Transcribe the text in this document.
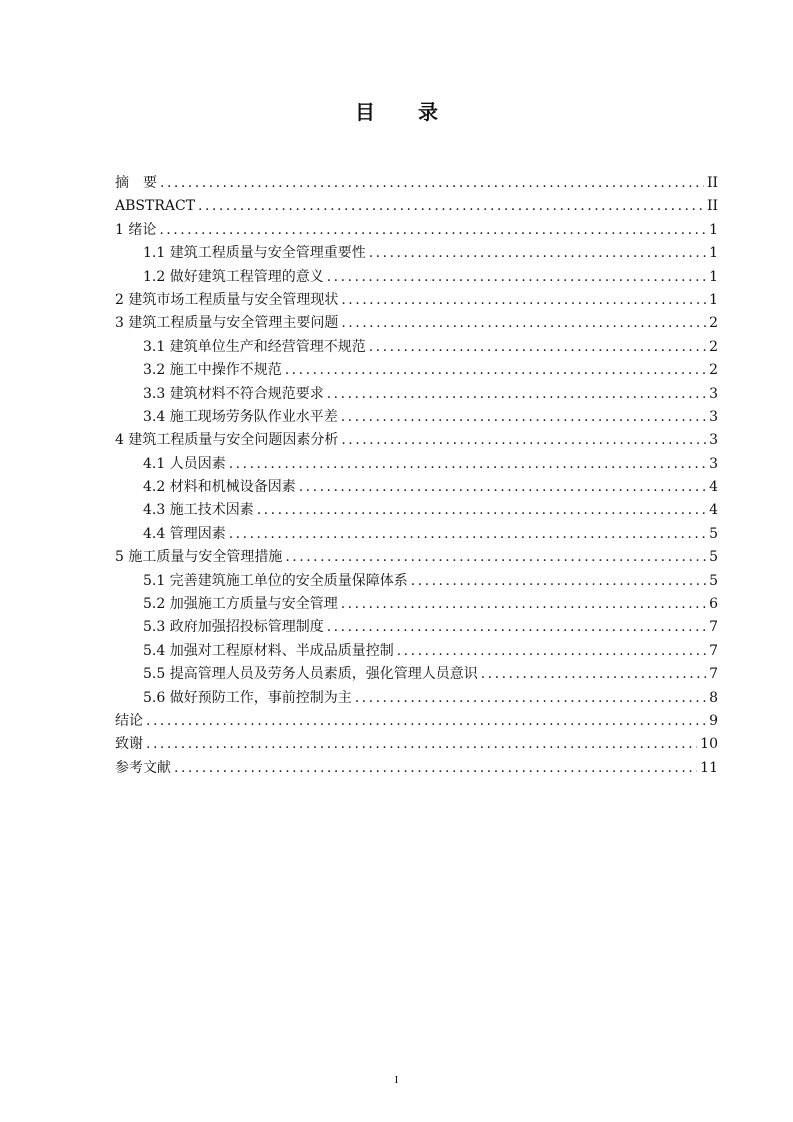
目 录
摘　要 .....	II
ABSTRACT .....	II
1 绪论 .....	1
1.1 建筑工程质量与安全管理重要性 .....	1
1.2 做好建筑工程管理的意义 .....	1
2 建筑市场工程质量与安全管理现状 .....	1
3 建筑工程质量与安全管理主要问题 .....	2
3.1 建筑单位生产和经营管理不规范 .....	2
3.2 施工中操作不规范 .....	2
3.3 建筑材料不符合规范要求 .....	3
3.4 施工现场劳务队作业水平差 .....	3
4 建筑工程质量与安全问题因素分析 .....	3
4.1 人员因素 .....	3
4.2 材料和机械设备因素 .....	4
4.3 施工技术因素 .....	4
4.4 管理因素 .....	5
5 施工质量与安全管理措施 .....	5
5.1 完善建筑施工单位的安全质量保障体系 .....	5
5.2 加强施工方质量与安全管理 .....	6
5.3 政府加强招投标管理制度 .....	7
5.4 加强对工程原材料、半成品质量控制 .....	7
5.5 提高管理人员及劳务人员素质，强化管理人员意识 .....	7
5.6 做好预防工作，事前控制为主 .....	8
结论 .....	9
致谢 .....	10
参考文献 .....	11
I
